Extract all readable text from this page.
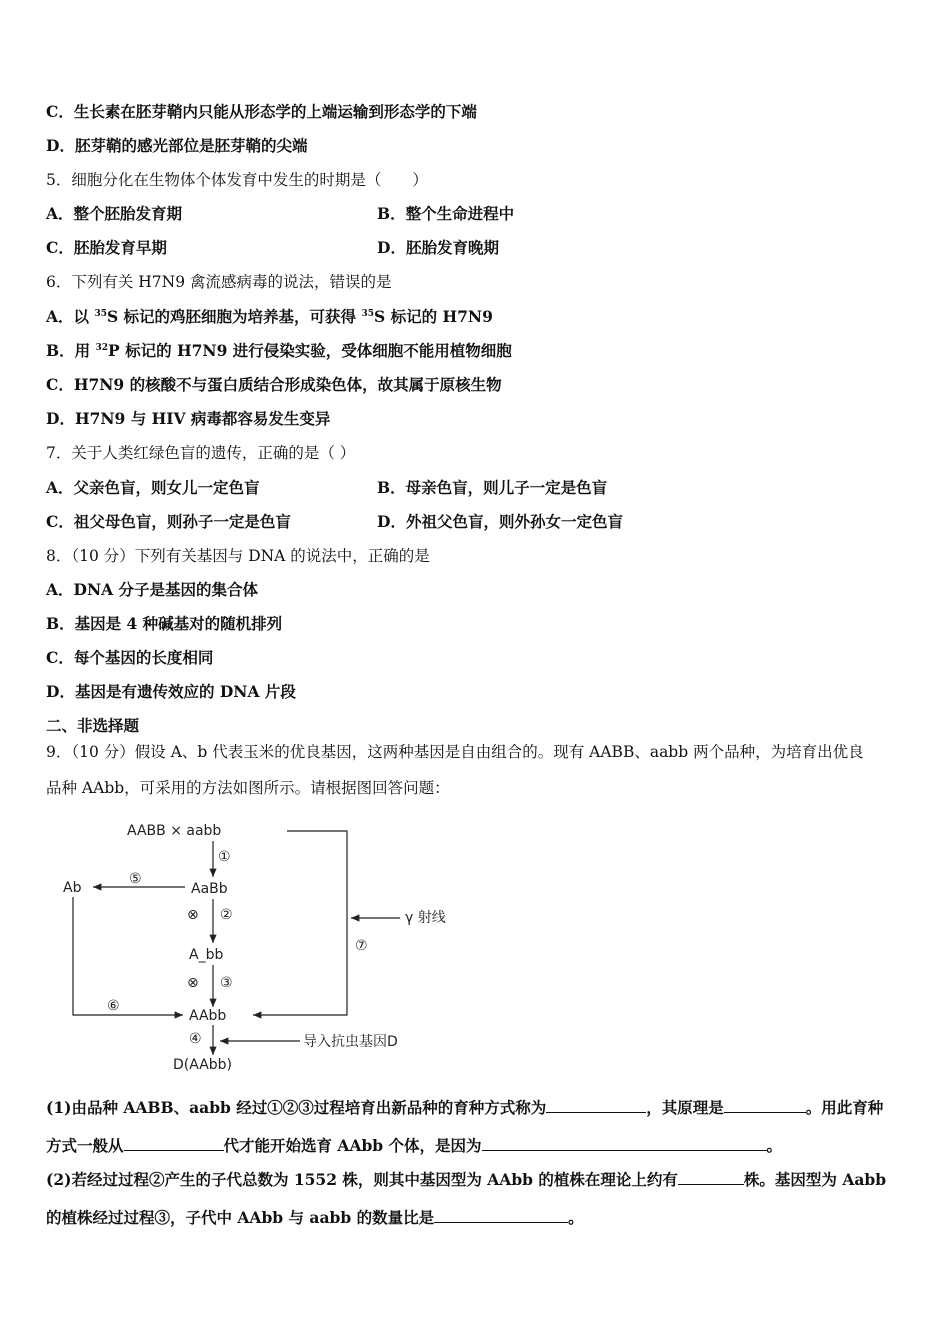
C．生长素在胚芽鞘内只能从形态学的上端运输到形态学的下端
D．胚芽鞘的感光部位是胚芽鞘的尖端
5．细胞分化在生物体个体发育中发生的时期是（　　）
A．整个胚胎发育期	B．整个生命进程中
C．胚胎发育早期	D．胚胎发育晚期
6．下列有关 H7N9 禽流感病毒的说法，错误的是
A．以 $^{35}$S 标记的鸡胚细胞为培养基，可获得 $^{35}$S 标记的 H7N9
B．用 $^{32}$P 标记的 H7N9 进行侵染实验，受体细胞不能用植物细胞
C．H7N9 的核酸不与蛋白质结合形成染色体，故其属于原核生物
D．H7N9 与 HIV 病毒都容易发生变异
7．关于人类红绿色盲的遗传，正确的是（ ）
A．父亲色盲，则女儿一定色盲	B．母亲色盲，则儿子一定是色盲
C．祖父母色盲，则孙子一定是色盲	D．外祖父色盲，则外孙女一定色盲
8．（10 分）下列有关基因与 DNA 的说法中，正确的是
A．DNA 分子是基因的集合体
B．基因是 4 种碱基对的随机排列
C．每个基因的长度相同
D．基因是有遗传效应的 DNA 片段
二、非选择题
9．（10 分）假设 A、b 代表玉米的优良基因，这两种基因是自由组合的。现有 AABB、aabb 两个品种，为培育出优良
品种 AAbb，可采用的方法如图所示。请根据图回答问题：
AABB × aabb
γ 射线
⑦
①
AaBb
⑤
Ab
⑥
⊗ ②
A_bb
⊗ ③
AAbb
④	导入抗虫基因D
D(AAbb)
(1)由品种 AABB、aabb 经过①②③过程培育出新品种的育种方式称为	，其原理是	。用此育种
方式一般从	代才能开始选育 AAbb 个体，是因为	。
(2)若经过过程②产生的子代总数为 1552 株，则其中基因型为 AAbb 的植株在理论上约有	株。基因型为 Aabb
的植株经过过程③，子代中 AAbb 与 aabb 的数量比是	。
